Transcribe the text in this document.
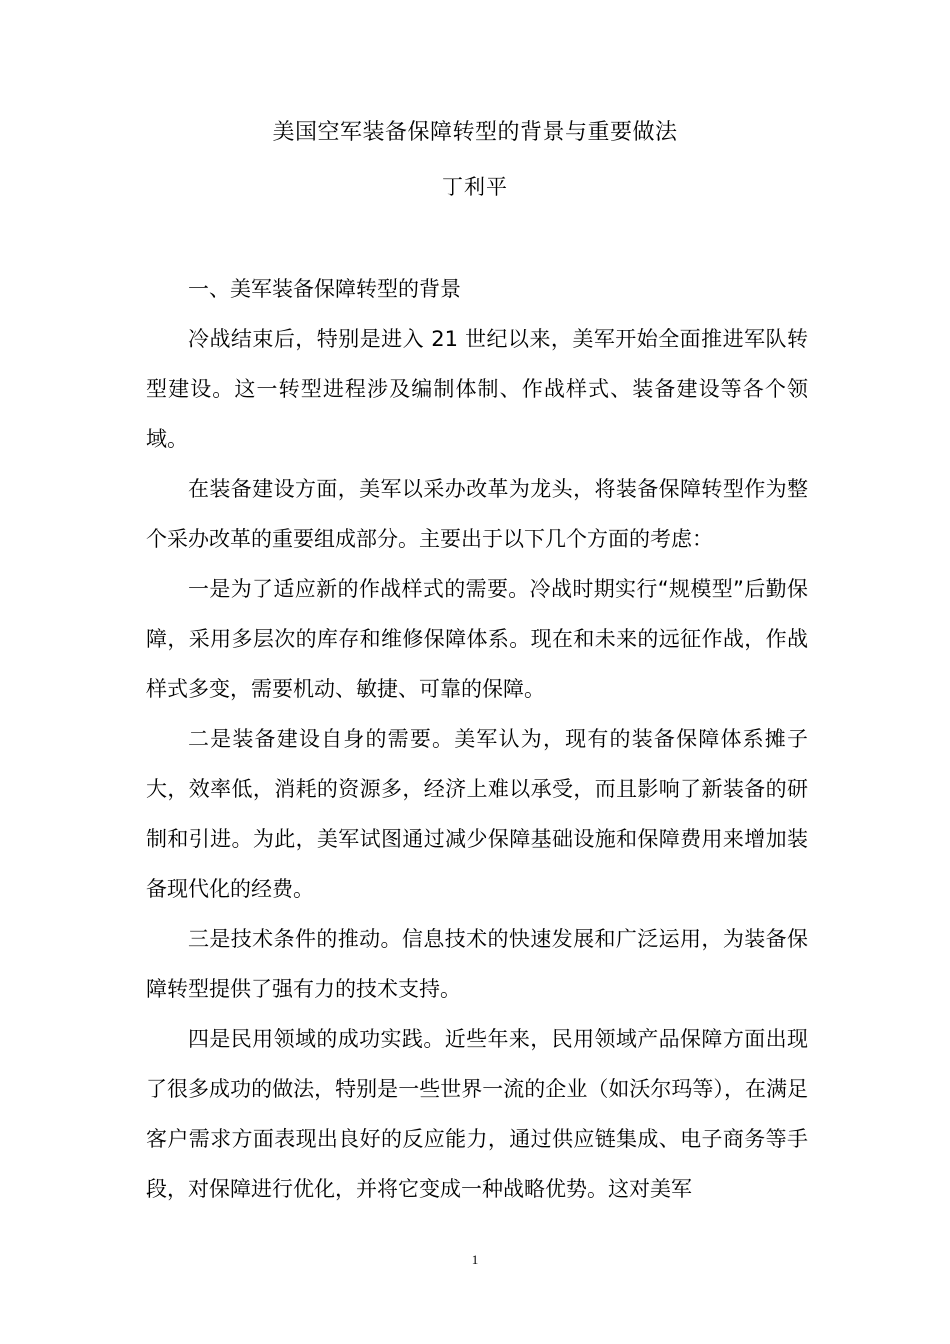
美国空军装备保障转型的背景与重要做法
丁利平

一、美军装备保障转型的背景

冷战结束后，特别是进入 21 世纪以来，美军开始全面推进军队转型建设。这一转型进程涉及编制体制、作战样式、装备建设等各个领域。

在装备建设方面，美军以采办改革为龙头，将装备保障转型作为整个采办改革的重要组成部分。主要出于以下几个方面的考虑：

一是为了适应新的作战样式的需要。冷战时期实行“规模型”后勤保障，采用多层次的库存和维修保障体系。现在和未来的远征作战，作战样式多变，需要机动、敏捷、可靠的保障。

二是装备建设自身的需要。美军认为，现有的装备保障体系摊子大，效率低，消耗的资源多，经济上难以承受，而且影响了新装备的研制和引进。为此，美军试图通过减少保障基础设施和保障费用来增加装备现代化的经费。

三是技术条件的推动。信息技术的快速发展和广泛运用，为装备保障转型提供了强有力的技术支持。

四是民用领域的成功实践。近些年来，民用领域产品保障方面出现了很多成功的做法，特别是一些世界一流的企业（如沃尔玛等），在满足客户需求方面表现出良好的反应能力，通过供应链集成、电子商务等手段，对保障进行优化，并将它变成一种战略优势。这对美军

1
